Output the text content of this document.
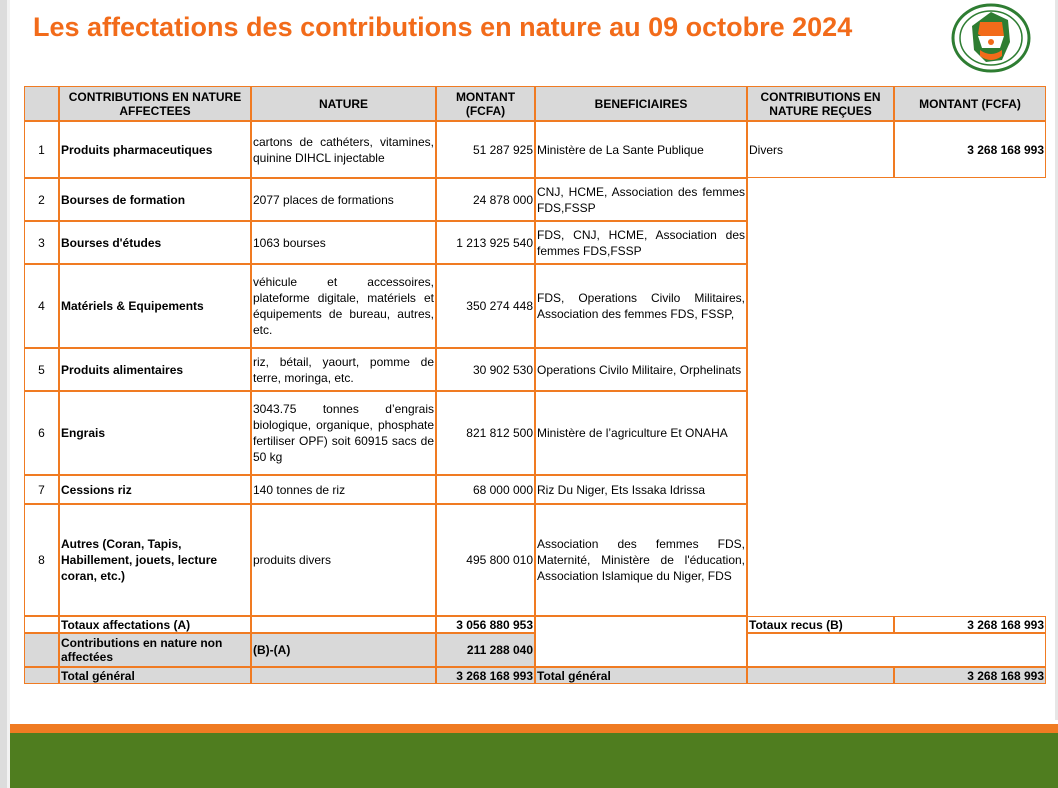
Les affectations des contributions en nature au 09 octobre 2024
	CONTRIBUTIONS EN NATURE AFFECTEES	NATURE	MONTANT (FCFA)	BENEFICIAIRES	CONTRIBUTIONS EN NATURE REÇUES	MONTANT (FCFA)
1	Produits pharmaceutiques	cartons de cathéters, vitamines, quinine DIHCL injectable	51 287 925	Ministère de La Sante Publique	Divers	3 268 168 993
2	Bourses de formation	2077 places de formations	24 878 000	CNJ, HCME, Association des femmes FDS,FSSP		
3	Bourses d'études	1063 bourses	1 213 925 540	FDS, CNJ, HCME, Association des femmes FDS,FSSP		
4	Matériels & Equipements	véhicule et accessoires, plateforme digitale, matériels et équipements de bureau, autres, etc.	350 274 448	FDS, Operations Civilo Militaires, Association des femmes FDS, FSSP,		
5	Produits alimentaires	riz, bétail, yaourt, pomme de terre, moringa, etc.	30 902 530	Operations Civilo Militaire, Orphelinats		
6	Engrais	3043.75 tonnes d’engrais biologique, organique, phosphate fertiliser OPF) soit 60915 sacs de 50 kg	821 812 500	Ministère de l’agriculture Et ONAHA		
7	Cessions riz	140 tonnes de riz	68 000 000	Riz Du Niger, Ets Issaka Idrissa		
8	Autres (Coran, Tapis, Habillement, jouets, lecture coran, etc.)	produits divers	495 800 010	Association des femmes FDS, Maternité, Ministère de l'éducation, Association Islamique du Niger, FDS		
	Totaux affectations (A)		3 056 880 953		Totaux recus (B)	3 268 168 993
	Contributions en nature non affectées	(B)-(A)	211 288 040			
	Total général		3 268 168 993	Total général		3 268 168 993
